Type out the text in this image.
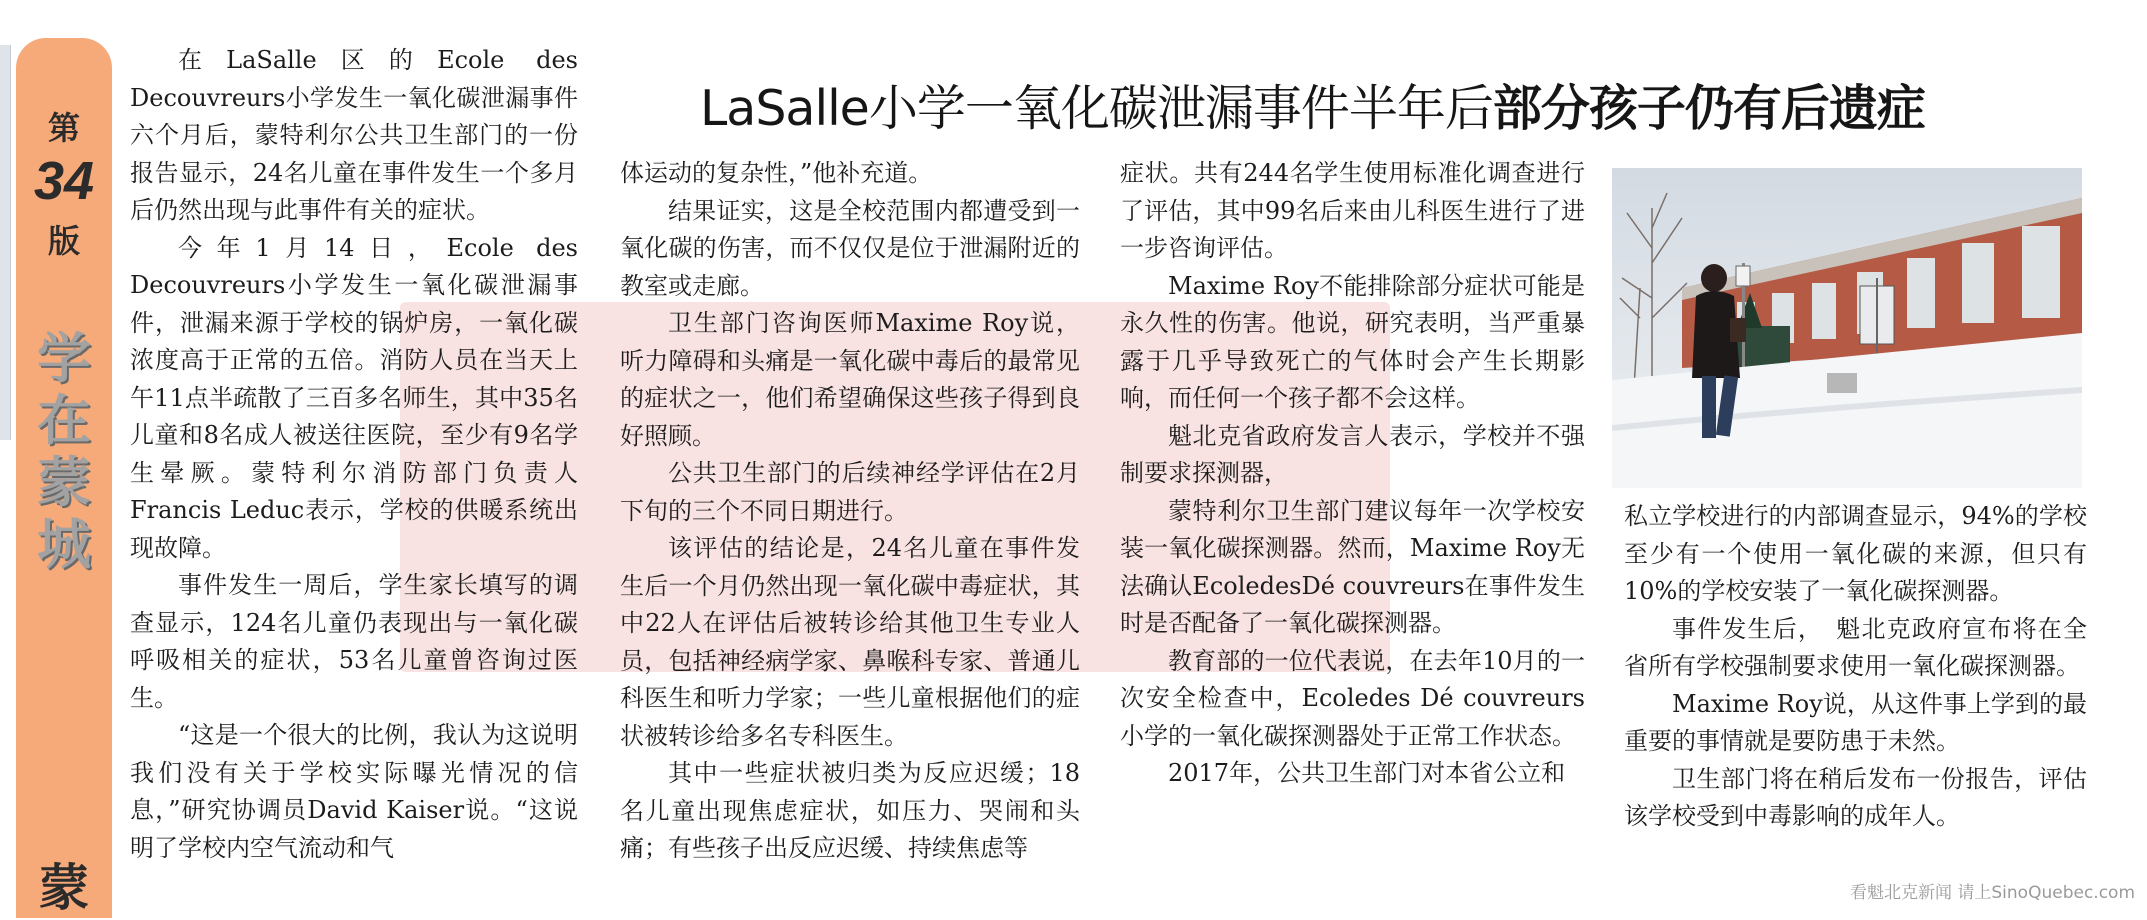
第
34
版
学
在
蒙
城
蒙
LaSalle小学一氧化碳泄漏事件半年后部分孩子仍有后遗症

在LaSalle区的Ecole des Decouvreurs小学发生一氧化碳泄漏事件六个月后，蒙特利尔公共卫生部门的一份报告显示，24名儿童在事件发生一个多月后仍然出现与此事件有关的症状。

今年1月14日，Ecole des Decouvreurs小学发生一氧化碳泄漏事件，泄漏来源于学校的锅炉房，一氧化碳浓度高于正常的五倍。消防人员在当天上午11点半疏散了三百多名师生，其中35名儿童和8名成人被送往医院，至少有9名学生晕厥。蒙特利尔消防部门负责人Francis Leduc表示，学校的供暖系统出现故障。

事件发生一周后，学生家长填写的调查显示，124名儿童仍表现出与一氧化碳呼吸相关的症状，53名儿童曾咨询过医生。

“这是一个很大的比例，我认为这说明我们没有关于学校实际曝光情况的信息，”研究协调员David Kaiser说。“这说明了学校内空气流动和气

体运动的复杂性，”他补充道。

结果证实，这是全校范围内都遭受到一氧化碳的伤害，而不仅仅是位于泄漏附近的教室或走廊。

卫生部门咨询医师Maxime Roy说，听力障碍和头痛是一氧化碳中毒后的最常见的症状之一，他们希望确保这些孩子得到良好照顾。

公共卫生部门的后续神经学评估在2月下旬的三个不同日期进行。

该评估的结论是，24名儿童在事件发生后一个月仍然出现一氧化碳中毒症状，其中22人在评估后被转诊给其他卫生专业人员，包括神经病学家、鼻喉科专家、普通儿科医生和听力学家；一些儿童根据他们的症状被转诊给多名专科医生。

其中一些症状被归类为反应迟缓；18名儿童出现焦虑症状，如压力、哭闹和头痛；有些孩子出反应迟缓、持续焦虑等

症状。共有244名学生使用标准化调查进行了评估，其中99名后来由儿科医生进行了进一步咨询评估。

Maxime Roy不能排除部分症状可能是永久性的伤害。他说，研究表明，当严重暴露于几乎导致死亡的气体时会产生长期影响，而任何一个孩子都不会这样。

魁北克省政府发言人表示，学校并不强制要求探测器，

蒙特利尔卫生部门建议每年一次学校安装一氧化碳探测器。然而，Maxime Roy无法确认EcoledesDé couvreurs在事件发生时是否配备了一氧化碳探测器。

教育部的一位代表说，在去年10月的一次安全检查中，Ecoledes Dé couvreurs小学的一氧化碳探测器处于正常工作状态。

2017年，公共卫生部门对本省公立和

私立学校进行的内部调查显示，94%的学校至少有一个使用一氧化碳的来源，但只有10%的学校安装了一氧化碳探测器。

事件发生后，　魁北克政府宣布将在全省所有学校强制要求使用一氧化碳探测器。

Maxime Roy说，从这件事上学到的最重要的事情就是要防患于未然。

卫生部门将在稍后发布一份报告，评估该学校受到中毒影响的成年人。

看魁北克新闻 请上SinoQuebec.com
